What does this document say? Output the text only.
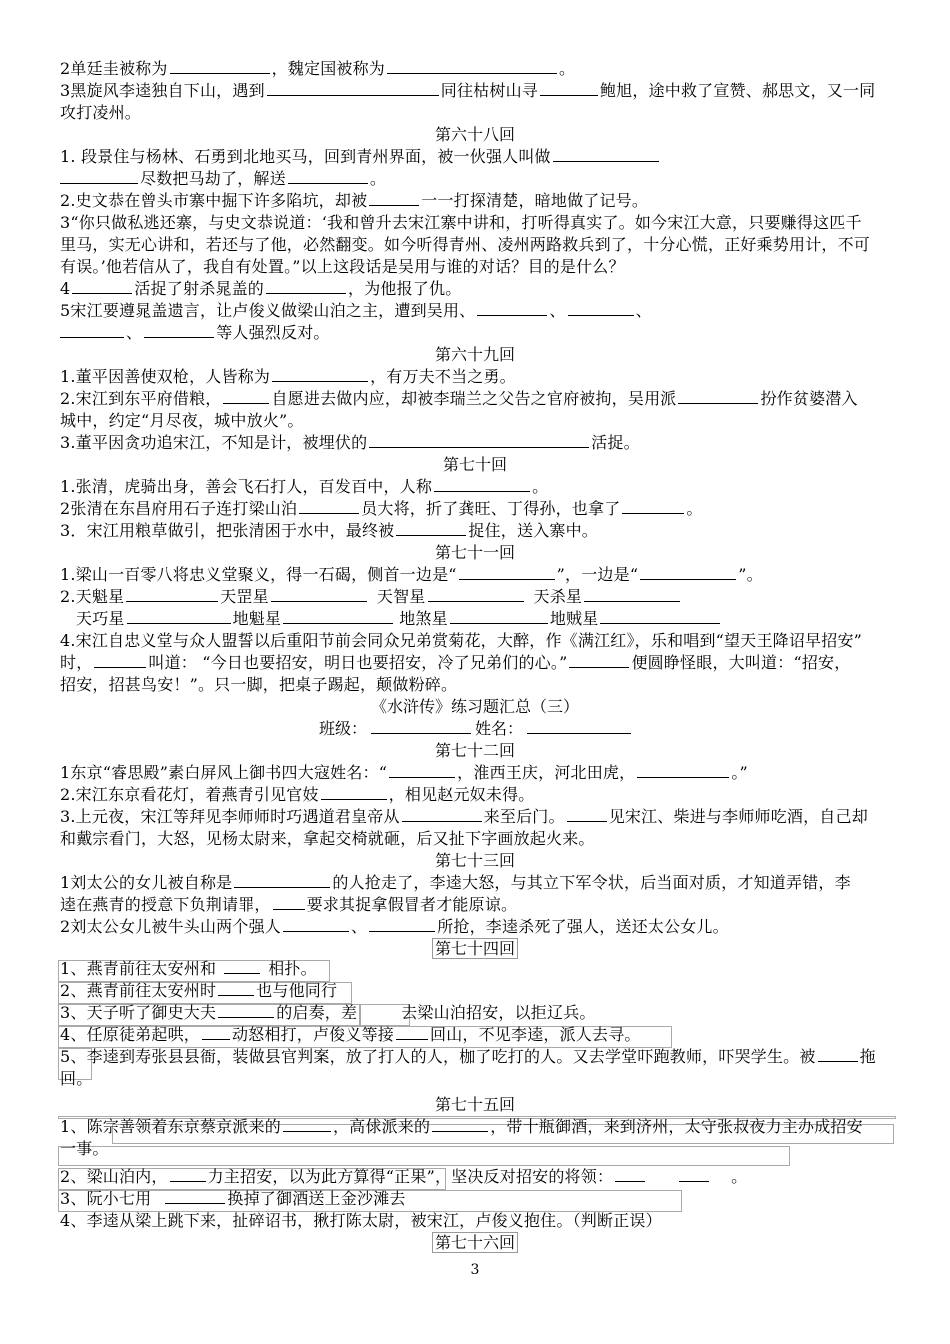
2单廷圭被称为	，魏定国被称为	。
3黑旋风李逵独自下山，遇到	同往枯树山寻	鲍旭，途中救了宣赞、郝思文，又一同
攻打凌州。
第六十八回
1. 段景住与杨林、石勇到北地买马，回到青州界面，被一伙强人叫做
尽数把马劫了，解送	。
2.史文恭在曾头市寨中掘下许多陷坑，却被	一一打探清楚，暗地做了记号。
3“你只做私逃还寨，与史文恭说道：‘我和曾升去宋江寨中讲和，打听得真实了。如今宋江大意，只要赚得这匹千
里马，实无心讲和，若还与了他，必然翻变。如今听得青州、凌州两路救兵到了，十分心慌，正好乘势用计，不可
有误。’他若信从了，我自有处置。”以上这段话是吴用与谁的对话？目的是什么？
4	活捉了射杀晁盖的	，为他报了仇。
5宋江要遵晁盖遗言，让卢俊义做梁山泊之主，遭到吴用、	、	、
、	等人强烈反对。
第六十九回
1.董平因善使双枪，人皆称为	，有万夫不当之勇。
2.宋江到东平府借粮，	自愿进去做内应，却被李瑞兰之父告之官府被拘，吴用派	扮作贫婆潜入
城中，约定“月尽夜，城中放火”。
3.董平因贪功追宋江，不知是计，被埋伏的	活捉。
第七十回
1.张清，虎骑出身，善会飞石打人，百发百中，人称	。
2张清在东昌府用石子连打梁山泊	员大将，折了龚旺、丁得孙，也拿了	。
3．宋江用粮草做引，把张清困于水中，最终被	捉住，送入寨中。
第七十一回
1.梁山一百零八将忠义堂聚义，得一石碣，侧首一边是“	”，一边是“	”。
2.天魁星	天罡星	天智星	天杀星
天巧星	地魁星	地煞星	地贼星
4.宋江自忠义堂与众人盟誓以后重阳节前会同众兄弟赏菊花，大醉，作《满江红》，乐和唱到“望天王降诏早招安”
时，	叫道： “今日也要招安，明日也要招安，冷了兄弟们的心。”	便圆睁怪眼，大叫道：“招安，
招安，招甚鸟安！”。只一脚，把桌子踢起，颠做粉碎。
《水浒传》练习题汇总（三）
班级：	姓名：
第七十二回
1东京“睿思殿”素白屏风上御书四大寇姓名：“	，淮西王庆，河北田虎，	。”
2.宋江东京看花灯，着燕青引见官妓	，相见赵元奴未得。
3.上元夜，宋江等拜见李师师时巧遇道君皇帝从	来至后门。	见宋江、柴进与李师师吃酒，自己却
和戴宗看门，大怒，见杨太尉来，拿起交椅就砸，后又扯下字画放起火来。
第七十三回
1刘太公的女儿被自称是	的人抢走了，李逵大怒，与其立下军令状，后当面对质，才知道弄错，李
逵在燕青的授意下负荆请罪， 要求其捉拿假冒者才能原谅。
2刘太公女儿被牛头山两个强人	、	所抢，李逵杀死了强人，送还太公女儿。
第七十四回
1、燕青前往太安州和	相扑。
2、燕青前往太安州时	也与他同行
3、天子听了御史大夫	的启奏，差	去梁山泊招安，以拒辽兵。
4、任原徒弟起哄， 动怒相打，卢俊义等接 回山，不见李逵，派人去寻。
5、李逵到寿张县县衙，装做县官判案，放了打人的人，枷了吃打的人。又去学堂吓跑教师，吓哭学生。被	拖
回。
第七十五回
1、陈宗善领着东京蔡京派来的	，高俅派来的	，带十瓶御酒，来到济州，太守张叔夜力主办成招安
一事。
2、梁山泊内，	力主招安，以为此方算得“正果”，坚决反对招安的将领：	。
3、阮小七用	换掉了御酒送上金沙滩去
4、李逵从梁上跳下来，扯碎诏书，揪打陈太尉，被宋江，卢俊义抱住。（判断正误）
第七十六回
3
